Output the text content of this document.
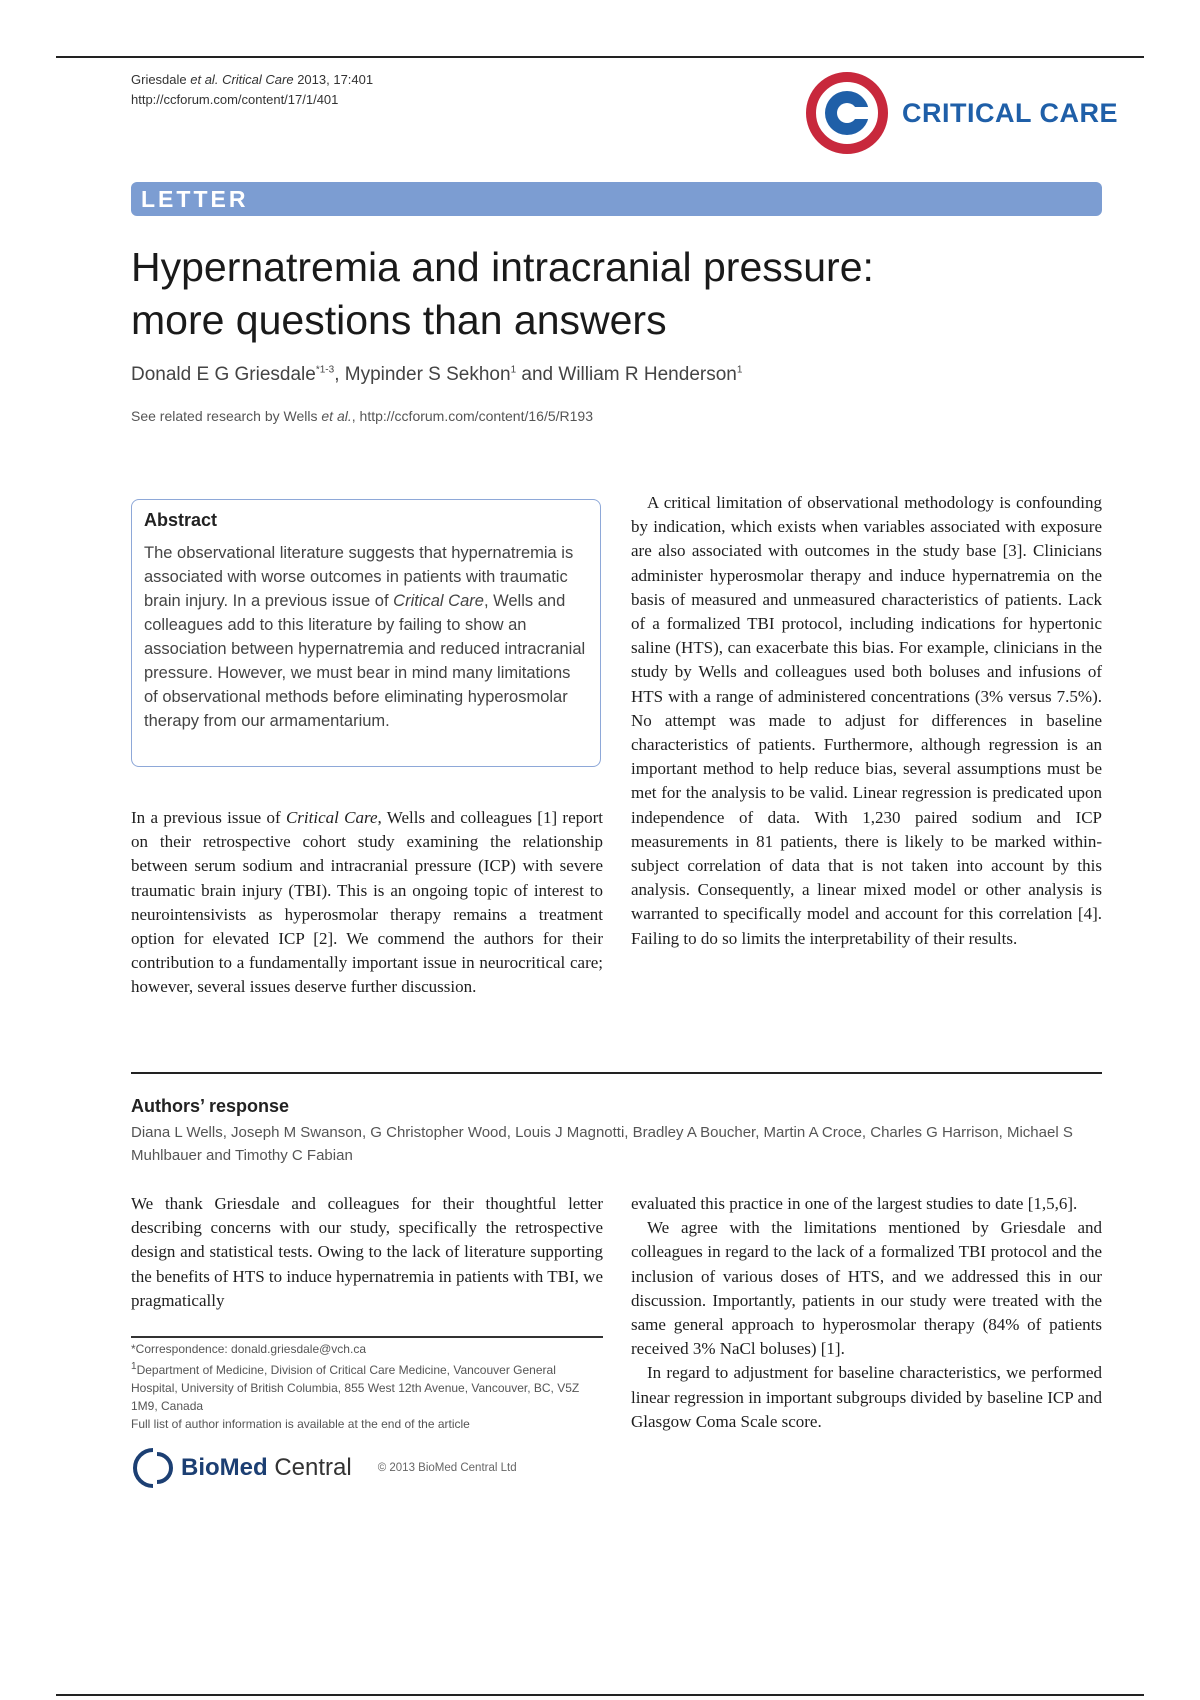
Griesdale et al. Critical Care 2013, 17:401
http://ccforum.com/content/17/1/401	CRITICAL CARE
LETTER
Hypernatremia and intracranial pressure:
more questions than answers
Donald E G Griesdale$^{*1-3}$, Mypinder S Sekhon$^1$ and William R Henderson$^1$
See related research by Wells et al., http://ccforum.com/content/16/5/R193
Abstract
The observational literature suggests that hypernatremia is associated with worse outcomes in patients with traumatic brain injury. In a previous issue of Critical Care, Wells and colleagues add to this literature by failing to show an association between hypernatremia and reduced intracranial pressure. However, we must bear in mind many limitations of observational methods before eliminating hyperosmolar therapy from our armamentarium.

In a previous issue of Critical Care, Wells and colleagues [1] report on their retrospective cohort study examining the relationship between serum sodium and intracranial pressure (ICP) with severe traumatic brain injury (TBI). This is an ongoing topic of interest to neurointensivists as hyperosmolar therapy remains a treatment option for elevated ICP [2]. We commend the authors for their contribution to a fundamentally important issue in neurocritical care; however, several issues deserve further discussion.

A critical limitation of observational methodology is confounding by indication, which exists when variables associated with exposure are also associated with outcomes in the study base [3]. Clinicians administer hyperosmolar therapy and induce hypernatremia on the basis of measured and unmeasured characteristics of patients. Lack of a formalized TBI protocol, including indications for hypertonic saline (HTS), can exacerbate this bias. For example, clinicians in the study by Wells and colleagues used both boluses and infusions of HTS with a range of administered concentrations (3% versus 7.5%). No attempt was made to adjust for differences in baseline characteristics of patients. Furthermore, although regression is an important method to help reduce bias, several assumptions must be met for the analysis to be valid. Linear regression is predicated upon independence of data. With 1,230 paired sodium and ICP measurements in 81 patients, there is likely to be marked within-subject correlation of data that is not taken into account by this analysis. Consequently, a linear mixed model or other analysis is warranted to specifically model and account for this correlation [4]. Failing to do so limits the interpretability of their results.

Authors’ response
Diana L Wells, Joseph M Swanson, G Christopher Wood, Louis J Magnotti, Bradley A Boucher, Martin A Croce, Charles G Harrison, Michael S Muhlbauer and Timothy C Fabian

We thank Griesdale and colleagues for their thoughtful letter describing concerns with our study, specifically the retrospective design and statistical tests. Owing to the lack of literature supporting the benefits of HTS to induce hypernatremia in patients with TBI, we pragmatically

evaluated this practice in one of the largest studies to date [1,5,6].

We agree with the limitations mentioned by Griesdale and colleagues in regard to the lack of a formalized TBI protocol and the inclusion of various doses of HTS, and we addressed this in our discussion. Importantly, patients in our study were treated with the same general approach to hyperosmolar therapy (84% of patients received 3% NaCl boluses) [1].

In regard to adjustment for baseline characteristics, we performed linear regression in important subgroups divided by baseline ICP and Glasgow Coma Scale score.

*Correspondence: donald.griesdale@vch.ca

$^1$Department of Medicine, Division of Critical Care Medicine, Vancouver General Hospital, University of British Columbia, 855 West 12th Avenue, Vancouver, BC, V5Z 1M9, Canada

Full list of author information is available at the end of the article

BioMed Central © 2013 BioMed Central Ltd
